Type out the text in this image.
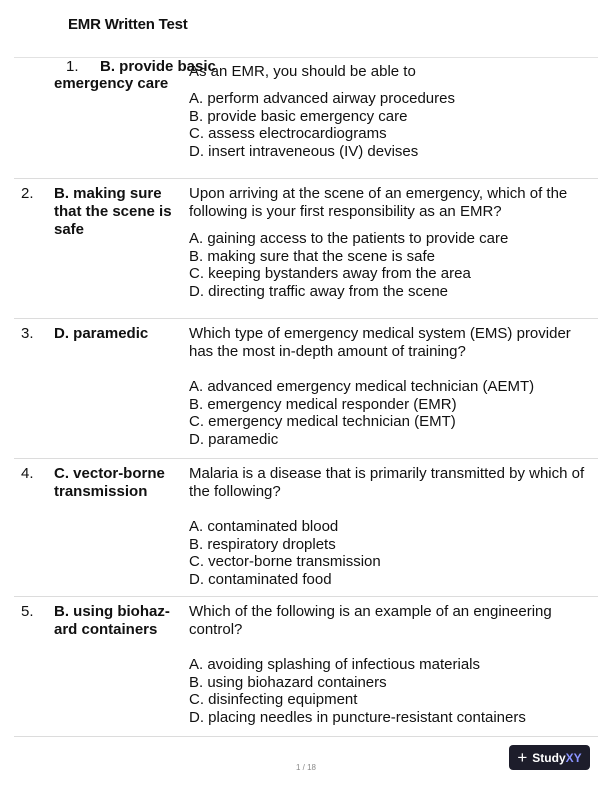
EMR Written Test
1. B. provide basic
emergency care

As an EMR, you should be able to

A. perform advanced airway procedures

B. provide basic emergency care

C. assess electrocardiograms

D. insert intraveneous (IV) devises

2. B. making sure that the scene is safe

Upon arriving at the scene of an emergency, which of the following is your first responsibility as an EMR?

A. gaining access to the patients to provide care

B. making sure that the scene is safe

C. keeping bystanders away from the area

D. directing traffic away from the scene

3. D. paramedic	Which type of emergency medical system (EMS) provider has the most in-depth amount of training?

A. advanced emergency medical technician (AEMT)

B. emergency medical responder (EMR)

C. emergency medical technician (EMT)

D. paramedic

4. C. vector-borne transmission

Malaria is a disease that is primarily transmitted by which of the following?

A. contaminated blood

B. respiratory droplets

C. vector-borne transmission

D. contaminated food

5. B. using biohaz-ard containers

Which of the following is an example of an engineering control?

A. avoiding splashing of infectious materials

B. using biohazard containers

C. disinfecting equipment

D. placing needles in puncture-resistant containers

1 / 18
+ StudyXY
